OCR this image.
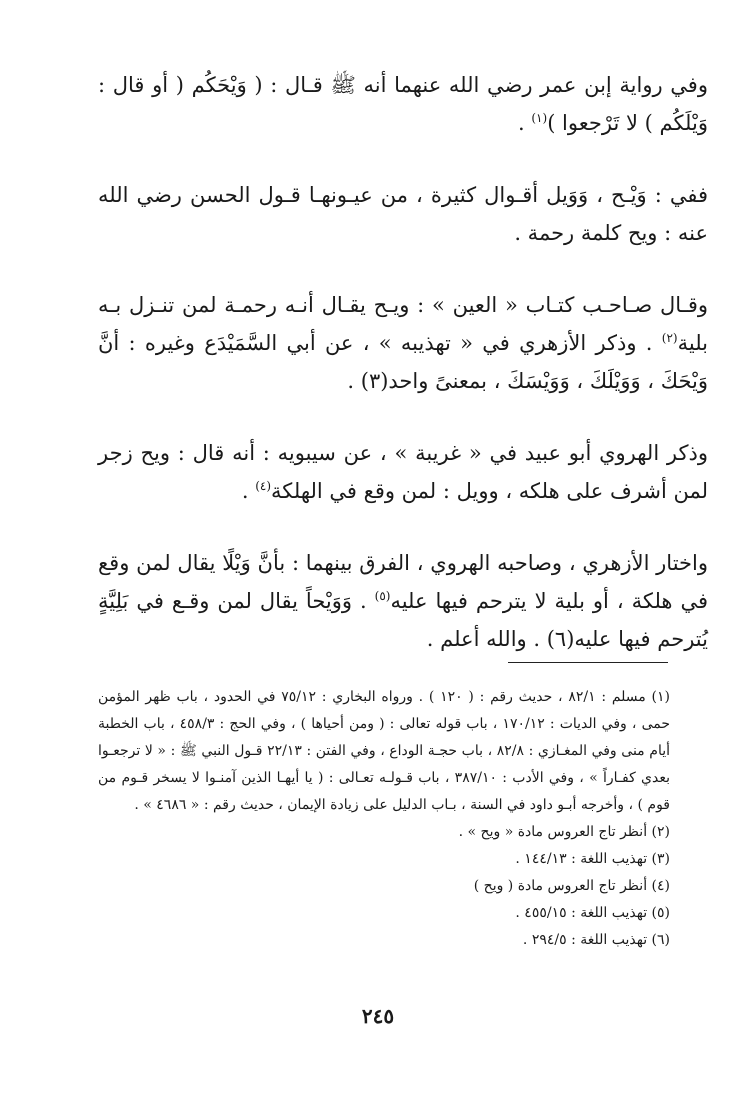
وفي رواية إبن عمر رضي الله عنهما أنه ﷺ قـال : ( وَيْحَكُم ( أو قال : وَيْلَكُم ) لا تَرْجعوا )$^{(١)}$ .

ففي : وَيْـح ، وَوَيل أقـوال كثيرة ، من عيـونهـا قـول الحسن رضي الله عنه : ويح كلمة رحمة .

وقـال صـاحـب كتـاب « العين » : ويـح يقـال أنـه رحمـة لمن تنـزل بـه بلية$^{(٢)}$ . وذكر الأزهري في « تهذيبه » ، عن أبي السَّمَيْدَع وغيره : أنَّ وَيْحَكَ ، وَوَيْلَكَ ، وَوَيْسَكَ ، بمعنىً واحد(٣) .

وذكر الهروي أبو عبيد في « غريبة » ، عن سيبويه : أنه قال : ويح زجر لمن أشرف على هلكه ، وويل : لمن وقع في الهلكة$^{(٤)}$ .

واختار الأزهري ، وصاحبه الهروي ، الفرق بينهما : بأنَّ وَيْلًا يقال لمن وقع في هلكة ، أو بلية لا يترحم فيها عليه$^{(٥)}$ . وَوَيْحاً يقال لمن وقـع في بَلِيَّةٍ يُترحم فيها عليه(٦) . والله أعلم .

(١) مسلم : ٨٢/١ ، حديث رقم : ( ١٢٠ ) . ورواه البخاري : ٧٥/١٢ في الحدود ، باب ظهر المؤمن حمى ، وفي الديات : ١٧٠/١٢ ، باب قوله تعالى : ( ومن أحياها ) ، وفي الحج : ٤٥٨/٣ ، باب الخطبة أيام منى وفي المغـازي : ٨٢/٨ ، باب حجـة الوداع ، وفي الفتن : ٢٢/١٣ قـول النبي ﷺ : « لا ترجعـوا بعدي كفـاراً » ، وفي الأدب : ٣٨٧/١٠ ، باب قـولـه تعـالى : ( يا أيهـا الذين آمنـوا لا يسخر قـوم من قوم ) ، وأخرجه أبـو داود في السنة ، بـاب الدليل على زيادة الإيمان ، حديث رقم : « ٤٦٨٦ » .

(٢) أنظر تاج العروس مادة « ويح » .

(٣) تهذيب اللغة : ١٤٤/١٣ .

(٤) أنظر تاج العروس مادة ( ويح )

(٥) تهذيب اللغة : ٤٥٥/١٥ .

(٦) تهذيب اللغة : ٢٩٤/٥ .

٢٤٥
